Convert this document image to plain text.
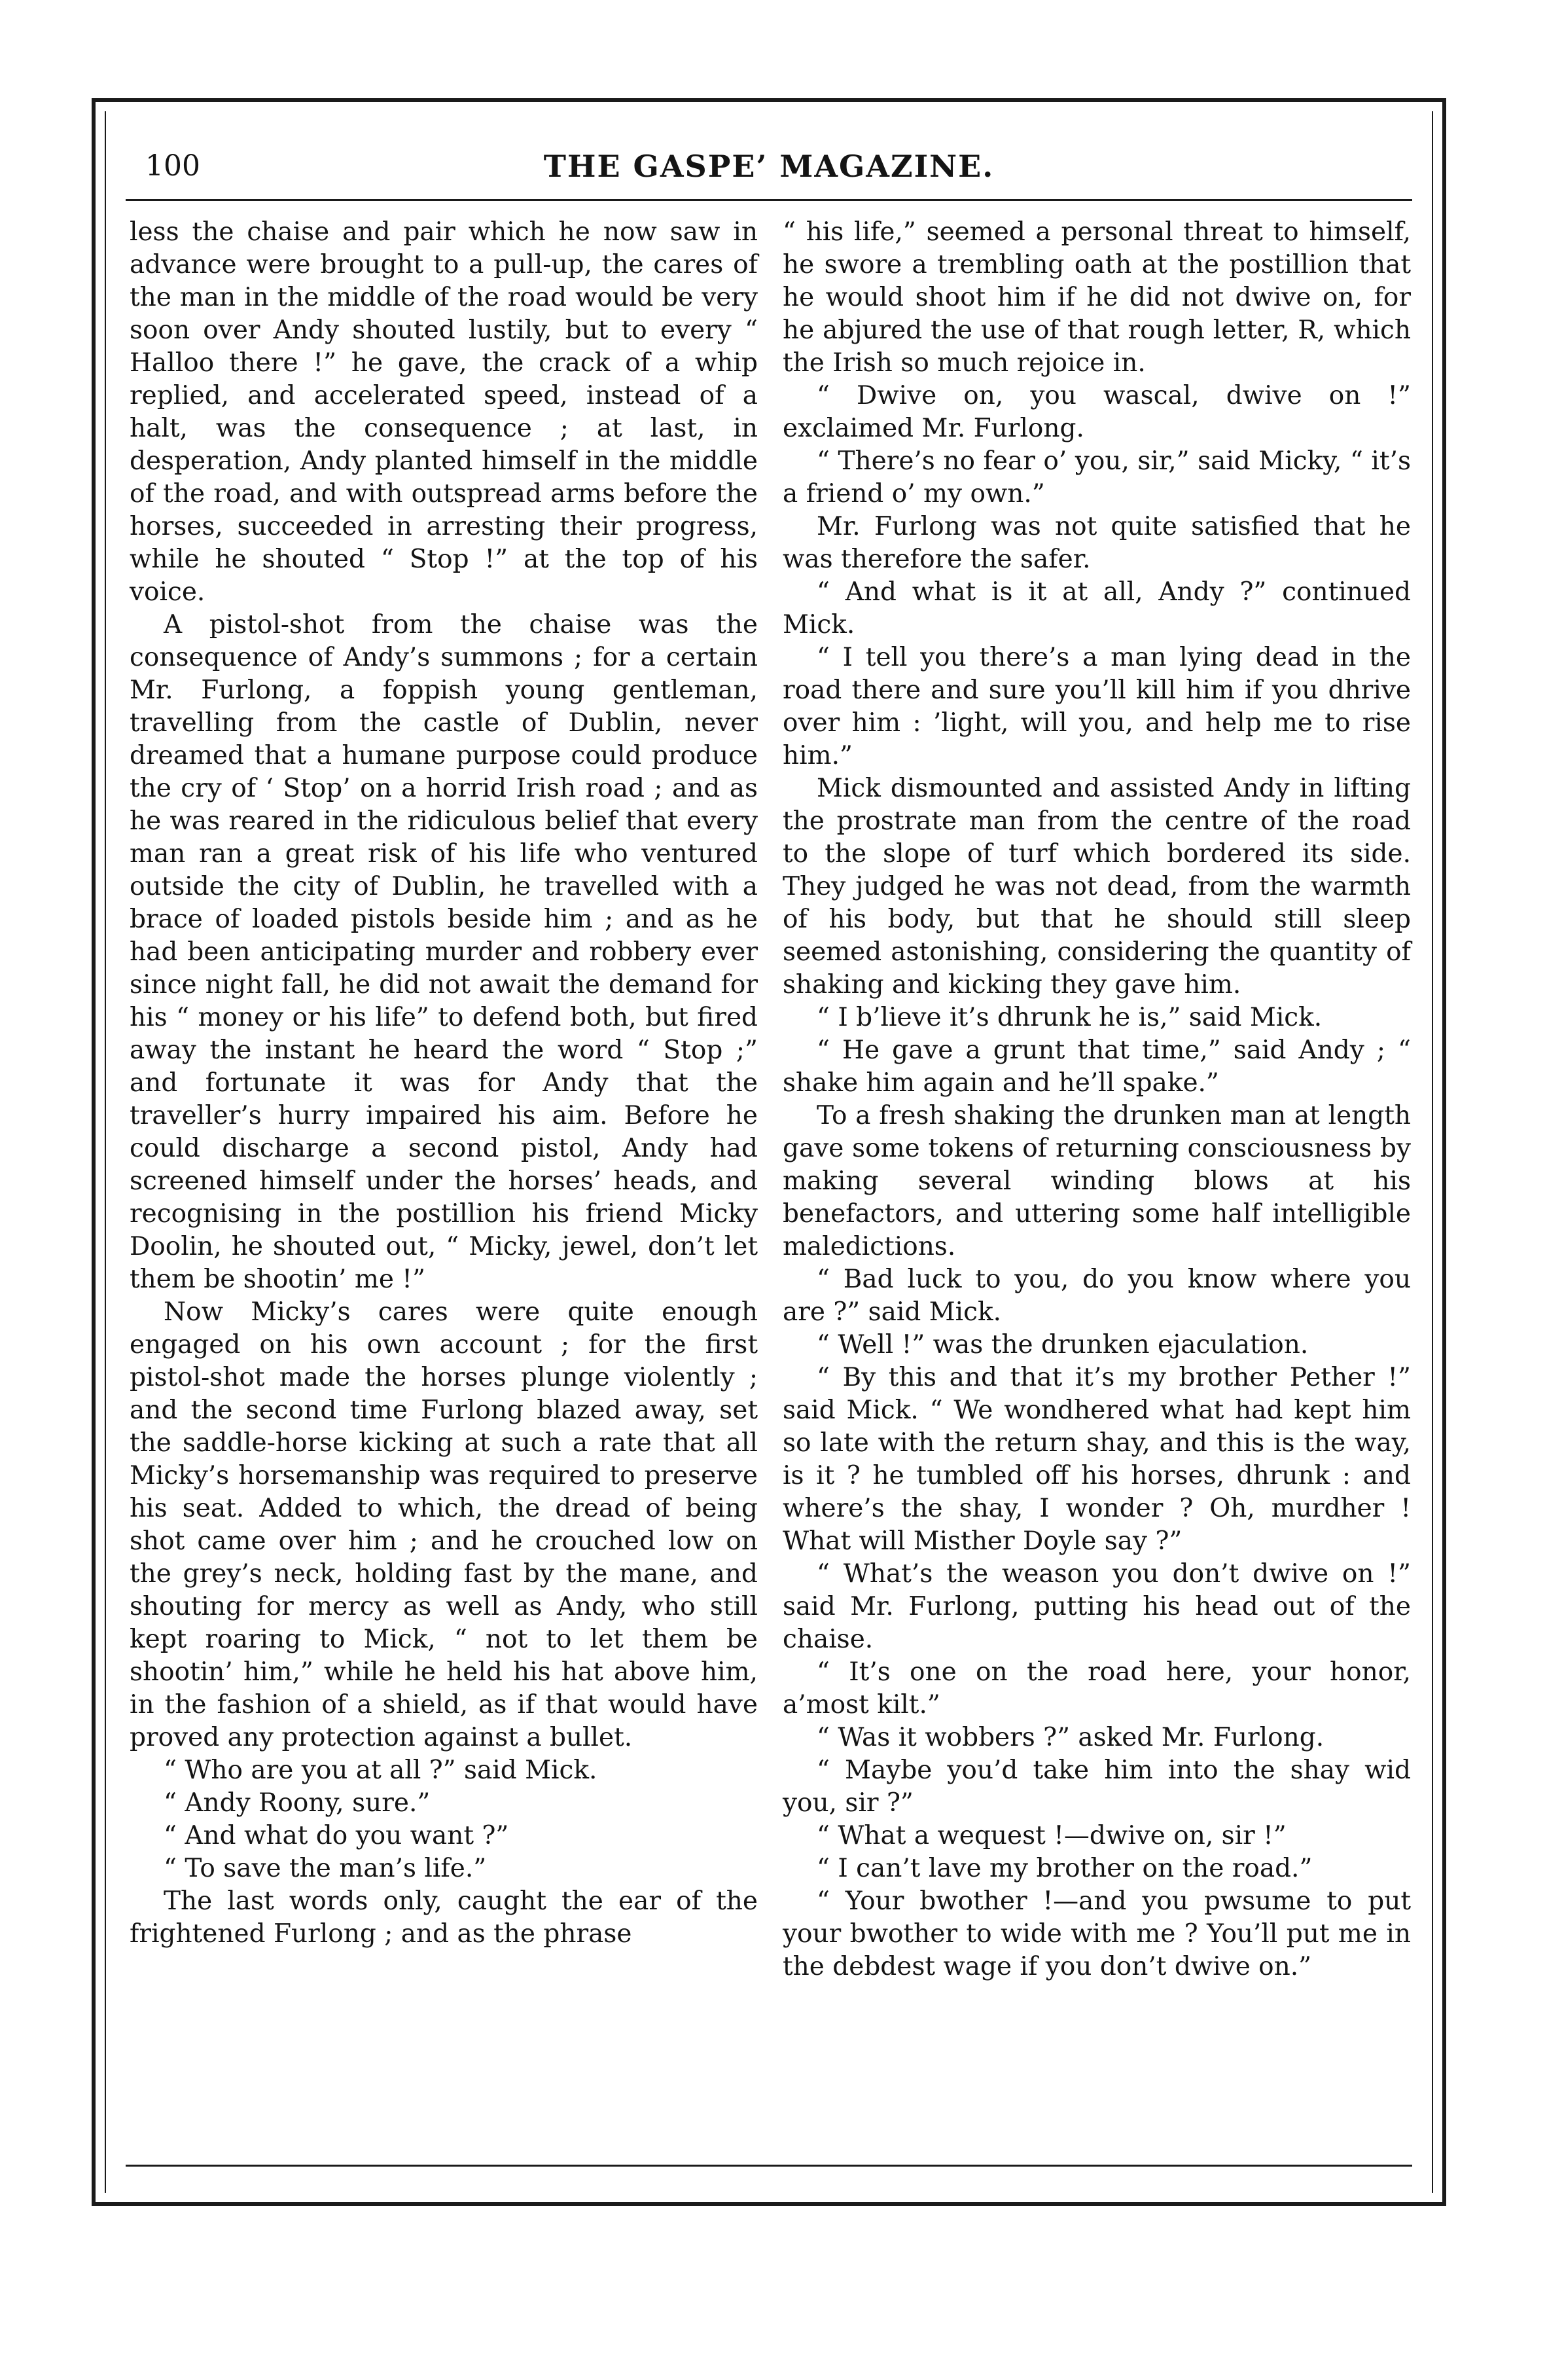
100	THE GASPE’ MAGAZINE.

less the chaise and pair which he now saw in advance were brought to a pull-up, the cares of the man in the middle of the road would be very soon over Andy shouted lustily, but to every “ Halloo there !” he gave, the crack of a whip replied, and accelerated speed, instead of a halt, was the consequence ; at last, in desperation, Andy planted himself in the middle of the road, and with outspread arms before the horses, succeeded in arresting their progress, while he shouted “ Stop !” at the top of his voice.

A pistol-shot from the chaise was the consequence of Andy’s summons ; for a certain Mr. Furlong, a foppish young gentleman, travelling from the castle of Dublin, never dreamed that a humane purpose could produce the cry of ‘ Stop’ on a horrid Irish road ; and as he was reared in the ridiculous belief that every man ran a great risk of his life who ventured outside the city of Dublin, he travelled with a brace of loaded pistols beside him ; and as he had been anticipating murder and robbery ever since night fall, he did not await the demand for his “ money or his life” to defend both, but fired away the instant he heard the word “ Stop ;” and fortunate it was for Andy that the traveller’s hurry impaired his aim. Before he could discharge a second pistol, Andy had screened himself under the horses’ heads, and recognising in the postillion his friend Micky Doolin, he shouted out, “ Micky, jewel, don’t let them be shootin’ me !”

Now Micky’s cares were quite enough engaged on his own account ; for the first pistol-shot made the horses plunge violently ; and the second time Furlong blazed away, set the saddle-horse kicking at such a rate that all Micky’s horsemanship was required to preserve his seat. Added to which, the dread of being shot came over him ; and he crouched low on the grey’s neck, holding fast by the mane, and shouting for mercy as well as Andy, who still kept roaring to Mick, “ not to let them be shootin’ him,” while he held his hat above him, in the fashion of a shield, as if that would have proved any protection against a bullet.

“ Who are you at all ?” said Mick.

“ Andy Roony, sure.”

“ And what do you want ?”

“ To save the man’s life.”

The last words only, caught the ear of the frightened Furlong ; and as the phrase

“ his life,” seemed a personal threat to himself, he swore a trembling oath at the postillion that he would shoot him if he did not dwive on, for he abjured the use of that rough letter, R, which the Irish so much rejoice in.

“ Dwive on, you wascal, dwive on !” exclaimed Mr. Furlong.

“ There’s no fear o’ you, sir,” said Micky, “ it’s a friend o’ my own.”

Mr. Furlong was not quite satisfied that he was therefore the safer.

“ And what is it at all, Andy ?” continued Mick.

“ I tell you there’s a man lying dead in the road there and sure you’ll kill him if you dhrive over him : ’light, will you, and help me to rise him.”

Mick dismounted and assisted Andy in lifting the prostrate man from the centre of the road to the slope of turf which bordered its side. They judged he was not dead, from the warmth of his body, but that he should still sleep seemed astonishing, considering the quantity of shaking and kicking they gave him.

“ I b’lieve it’s dhrunk he is,” said Mick.

“ He gave a grunt that time,” said Andy ; “ shake him again and he’ll spake.”

To a fresh shaking the drunken man at length gave some tokens of returning consciousness by making several winding blows at his benefactors, and uttering some half intelligible maledictions.

“ Bad luck to you, do you know where you are ?” said Mick.

“ Well !” was the drunken ejaculation.

“ By this and that it’s my brother Pether !” said Mick. “ We wondhered what had kept him so late with the return shay, and this is the way, is it ? he tumbled off his horses, dhrunk : and where’s the shay, I wonder ? Oh, murdher ! What will Misther Doyle say ?”

“ What’s the weason you don’t dwive on !” said Mr. Furlong, putting his head out of the chaise.

“ It’s one on the road here, your honor, a’most kilt.”

“ Was it wobbers ?” asked Mr. Furlong.

“ Maybe you’d take him into the shay wid you, sir ?”

“ What a wequest !—dwive on, sir !”

“ I can’t lave my brother on the road.”

“ Your bwother !—and you pwsume to put your bwother to wide with me ? You’ll put me in the debdest wage if you don’t dwive on.”
